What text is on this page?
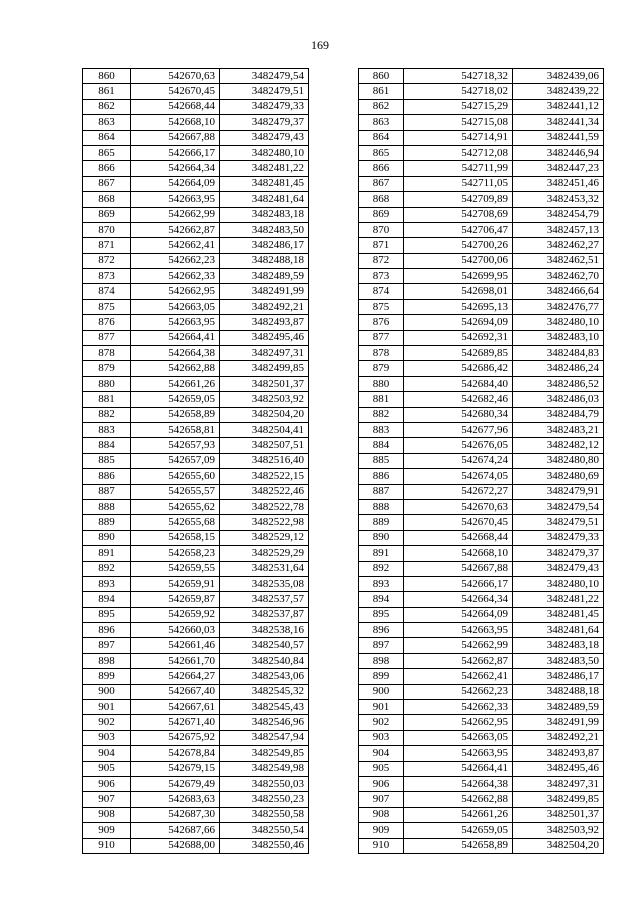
169
860	542670,63	3482479,54
861	542670,45	3482479,51
862	542668,44	3482479,33
863	542668,10	3482479,37
864	542667,88	3482479,43
865	542666,17	3482480,10
866	542664,34	3482481,22
867	542664,09	3482481,45
868	542663,95	3482481,64
869	542662,99	3482483,18
870	542662,87	3482483,50
871	542662,41	3482486,17
872	542662,23	3482488,18
873	542662,33	3482489,59
874	542662,95	3482491,99
875	542663,05	3482492,21
876	542663,95	3482493,87
877	542664,41	3482495,46
878	542664,38	3482497,31
879	542662,88	3482499,85
880	542661,26	3482501,37
881	542659,05	3482503,92
882	542658,89	3482504,20
883	542658,81	3482504,41
884	542657,93	3482507,51
885	542657,09	3482516,40
886	542655,60	3482522,15
887	542655,57	3482522,46
888	542655,62	3482522,78
889	542655,68	3482522,98
890	542658,15	3482529,12
891	542658,23	3482529,29
892	542659,55	3482531,64
893	542659,91	3482535,08
894	542659,87	3482537,57
895	542659,92	3482537,87
896	542660,03	3482538,16
897	542661,46	3482540,57
898	542661,70	3482540,84
899	542664,27	3482543,06
900	542667,40	3482545,32
901	542667,61	3482545,43
902	542671,40	3482546,96
903	542675,92	3482547,94
904	542678,84	3482549,85
905	542679,15	3482549,98
906	542679,49	3482550,03
907	542683,63	3482550,23
908	542687,30	3482550,58
909	542687,66	3482550,54
910	542688,00	3482550,46
860	542718,32	3482439,06
861	542718,02	3482439,22
862	542715,29	3482441,12
863	542715,08	3482441,34
864	542714,91	3482441,59
865	542712,08	3482446,94
866	542711,99	3482447,23
867	542711,05	3482451,46
868	542709,89	3482453,32
869	542708,69	3482454,79
870	542706,47	3482457,13
871	542700,26	3482462,27
872	542700,06	3482462,51
873	542699,95	3482462,70
874	542698,01	3482466,64
875	542695,13	3482476,77
876	542694,09	3482480,10
877	542692,31	3482483,10
878	542689,85	3482484,83
879	542686,42	3482486,24
880	542684,40	3482486,52
881	542682,46	3482486,03
882	542680,34	3482484,79
883	542677,96	3482483,21
884	542676,05	3482482,12
885	542674,24	3482480,80
886	542674,05	3482480,69
887	542672,27	3482479,91
888	542670,63	3482479,54
889	542670,45	3482479,51
890	542668,44	3482479,33
891	542668,10	3482479,37
892	542667,88	3482479,43
893	542666,17	3482480,10
894	542664,34	3482481,22
895	542664,09	3482481,45
896	542663,95	3482481,64
897	542662,99	3482483,18
898	542662,87	3482483,50
899	542662,41	3482486,17
900	542662,23	3482488,18
901	542662,33	3482489,59
902	542662,95	3482491,99
903	542663,05	3482492,21
904	542663,95	3482493,87
905	542664,41	3482495,46
906	542664,38	3482497,31
907	542662,88	3482499,85
908	542661,26	3482501,37
909	542659,05	3482503,92
910	542658,89	3482504,20
